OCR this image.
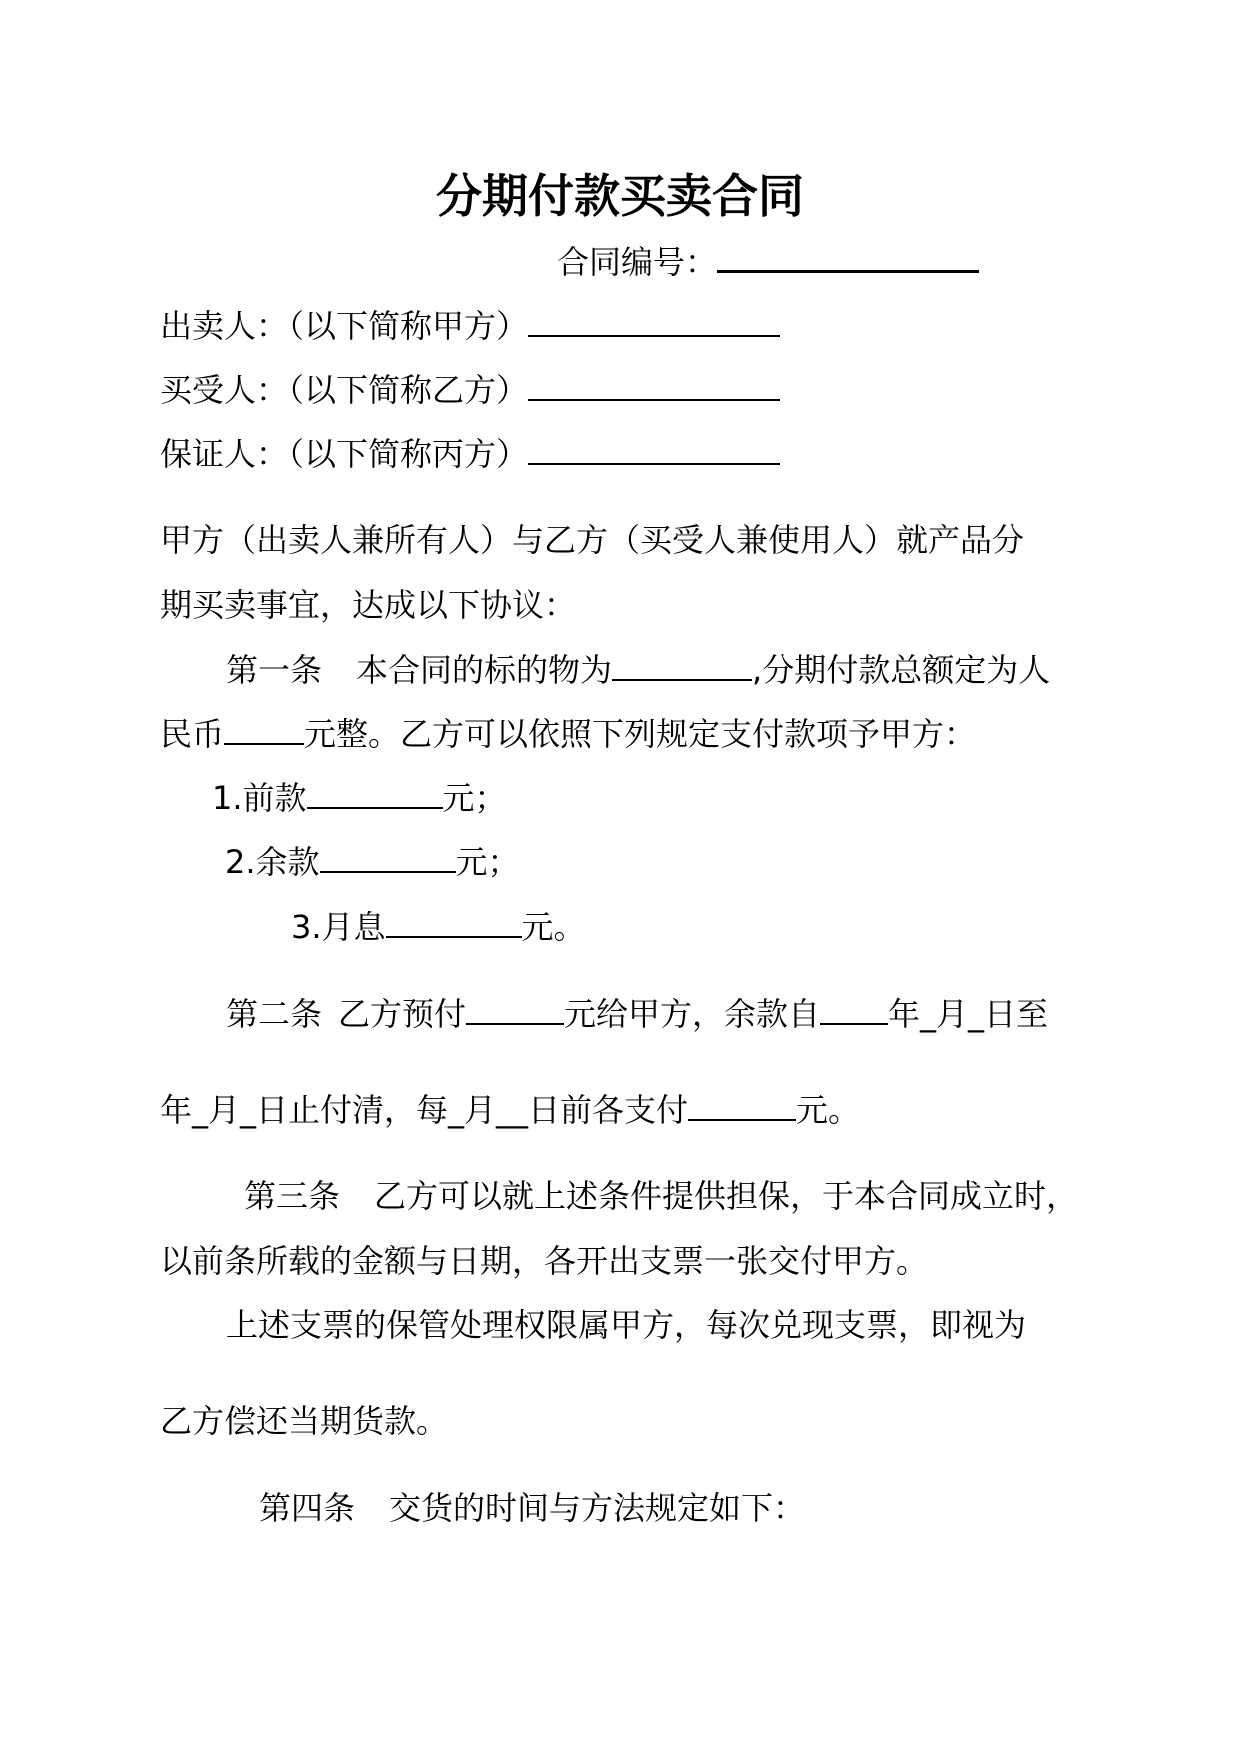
分期付款买卖合同
合同编号：
出卖人：（以下简称甲方）
买受人：（以下简称乙方）
保证人：（以下简称丙方）
甲方（出卖人兼所有人）与乙方（买受人兼使用人）就产品分
期买卖事宜，达成以下协议：
第一条 本合同的标的物为	,分期付款总额定为人
民币	元整。乙方可以依照下列规定支付款项予甲方：
1.前款	元；
2.余款	元；
3.月息	元。
第二条 乙方预付	元给甲方，余款自 年_月_日至
年_月_日止付清，每_月__日前各支付	元。
第三条 乙方可以就上述条件提供担保，于本合同成立时，
以前条所载的金额与日期，各开出支票一张交付甲方。
上述支票的保管处理权限属甲方，每次兑现支票，即视为
乙方偿还当期货款。
第四条 交货的时间与方法规定如下：
